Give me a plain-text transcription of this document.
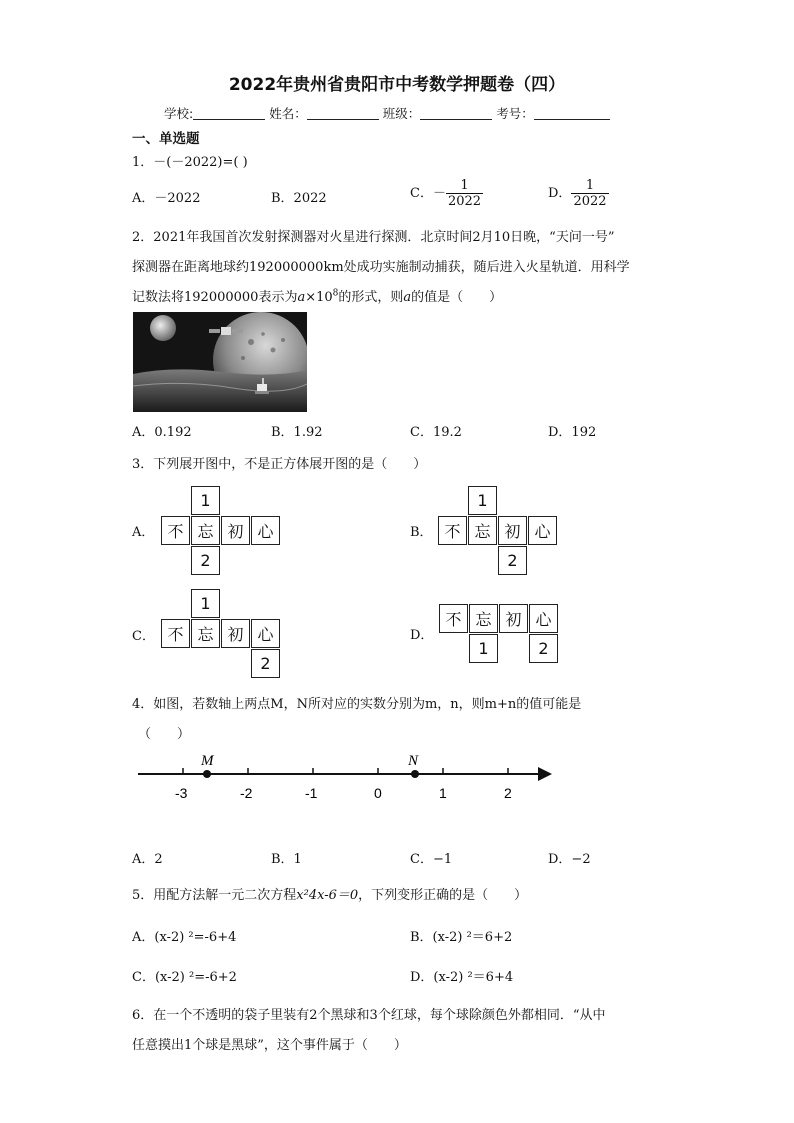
2022年贵州省贵阳市中考数学押题卷（四）
学校:	姓名：	班级：	考号：
一、单选题
1．－(－2022)=( )
A．－2022	B．2022	C．－ $\frac{1}{2022}$	D． $\frac{1}{2022}$
2．2021年我国首次发射探测器对火星进行探测．北京时间2月10日晚，“天问一号”
探测器在距离地球约192000000km处成功实施制动捕获，随后进入火星轨道．用科学
记数法将192000000表示为$a\times 10^8$的形式，则a的值是（　　）
A．0.192	B．1.92	C．19.2	D．192
3．下列展开图中，不是正方体展开图的是（　　）
A．
1
不 忘 初 心
2
B．
1
不 忘 初 心
2
C．
1
不 忘 初 心
2
D．
不 忘 初 心
1	2
4．如图，若数轴上两点M，N所对应的实数分别为m，n，则m+n的值可能是
（　　）
-3	-2	-1	0	1	2
M	N
A．2	B．1	C．−1	D．−2
5．用配方法解一元二次方程x²4x-6＝0，下列变形正确的是（　　）
A．(x-2) ²=-6+4	B．(x-2) ²＝6+2
C．(x-2) ²=-6+2	D．(x-2) ²＝6+4
6．在一个不透明的袋子里装有2个黑球和3个红球，每个球除颜色外都相同．“从中
任意摸出1个球是黑球”，这个事件属于（　　）
